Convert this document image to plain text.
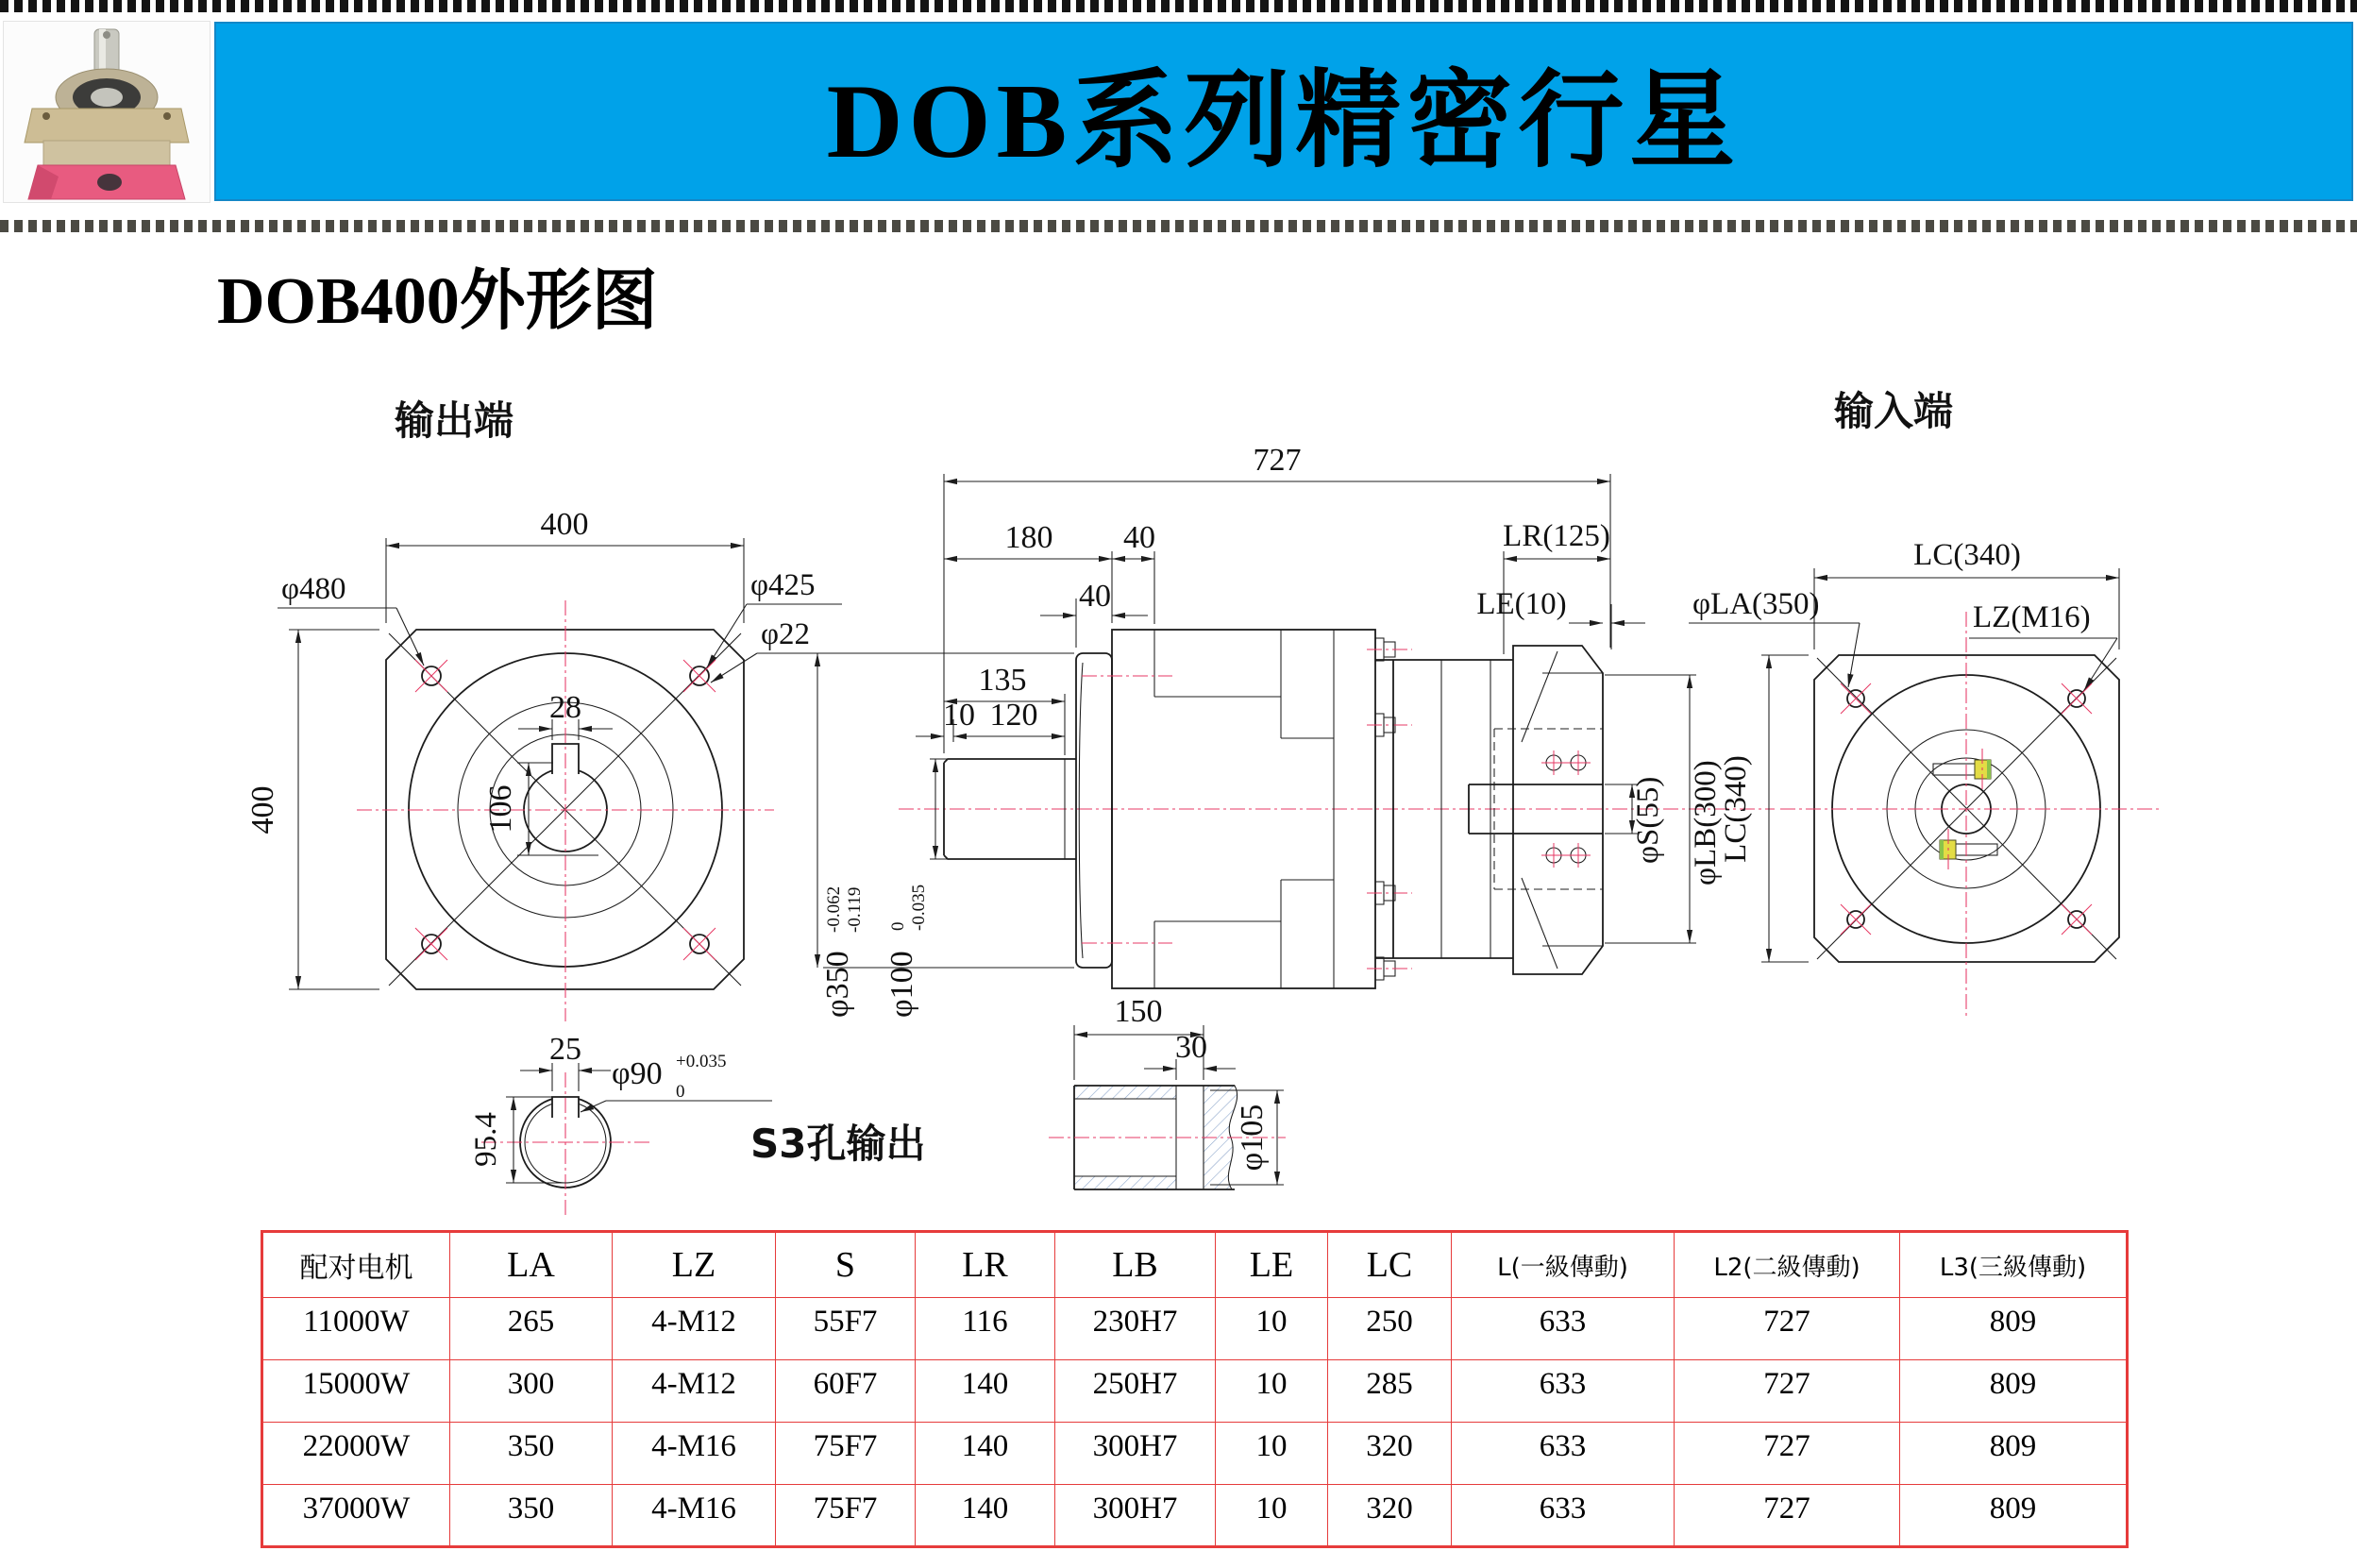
DOB系列精密行星
DOB400外形图
输出端
400
400
φ480	φ425
φ22
28
106
25
φ90 +0.035 0
95.4	S3孔输出
727
180 40	LR(125)
40	LE(10)
135
10 120
φ350-0.062-0.119
φ1000-0.035
φS(55) φLB(300)
150
30
φ105
输入端
LC(340)
LC(340)
φLA(350)	LZ(M16)
配对电机	LA	LZ	S	LR	LB	LE	LC	L(一級傳動)	L2(二級傳動)	L3(三級傳動)
11000W	265	4-M12	55F7	116	230H7	10	250	633	727	809
15000W	300	4-M12	60F7	140	250H7	10	285	633	727	809
22000W	350	4-M16	75F7	140	300H7	10	320	633	727	809
37000W	350	4-M16	75F7	140	300H7	10	320	633	727	809
